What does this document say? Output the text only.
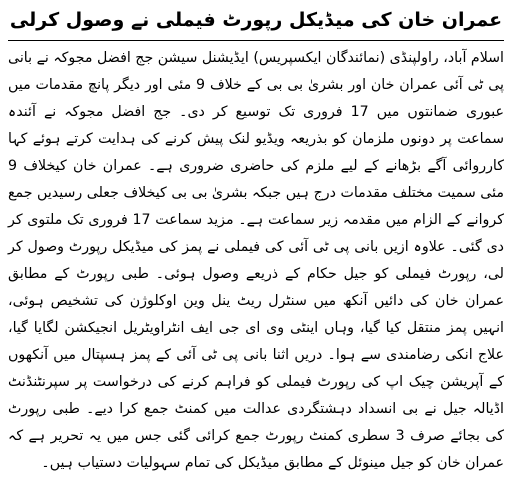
عمران خان کی میڈیکل رپورٹ فیملی نے وصول کرلی

اسلام آباد، راولپنڈی (نمائندگان ایکسپریس) ایڈیشنل سیشن جج افضل مجوکہ نے بانی پی ٹی آئی عمران خان اور بشریٰ بی بی کے خلاف 9 مئی اور دیگر پانچ مقدمات میں عبوری ضمانتوں میں 17 فروری تک توسیع کر دی۔ جج افضل مجوکہ نے آئندہ سماعت پر دونوں ملزمان کو بذریعہ ویڈیو لنک پیش کرنے کی ہدایت کرتے ہوئے کہا کارروائی آگے بڑھانے کے لیے ملزم کی حاضری ضروری ہے۔ عمران خان کیخلاف 9 مئی سمیت مختلف مقدمات درج ہیں جبکہ بشریٰ بی بی کیخلاف جعلی رسیدیں جمع کروانے کے الزام میں مقدمہ زیر سماعت ہے۔ مزید سماعت 17 فروری تک ملتوی کر دی گئی۔ علاوہ ازیں بانی پی ٹی آئی کی فیملی نے پمز کی میڈیکل رپورٹ وصول کر لی، رپورٹ فیملی کو جیل حکام کے ذریعے وصول ہوئی۔ طبی رپورٹ کے مطابق عمران خان کی دائیں آنکھ میں سنٹرل ریٹ ینل وین اوکلوژن کی تشخیص ہوئی، انہیں پمز منتقل کیا گیا، وہاں اینٹی وی ای جی ایف انٹراویٹریل انجیکشن لگایا گیا، علاج انکی رضامندی سے ہوا۔ دریں اثنا بانی پی ٹی آئی کے پمز ہسپتال میں آنکھوں کے آپریشن چیک اپ کی رپورٹ فیملی کو فراہم کرنے کی درخواست پر سپرنٹنڈنٹ اڈیالہ جیل نے بی انسداد دہشتگردی عدالت میں کمنٹ جمع کرا دیے۔ طبی رپورٹ کی بجائے صرف 3 سطری کمنٹ رپورٹ جمع کرائی گئی جس میں یہ تحریر ہے کہ عمران خان کو جیل مینوئل کے مطابق میڈیکل کی تمام سہولیات دستیاب ہیں۔
